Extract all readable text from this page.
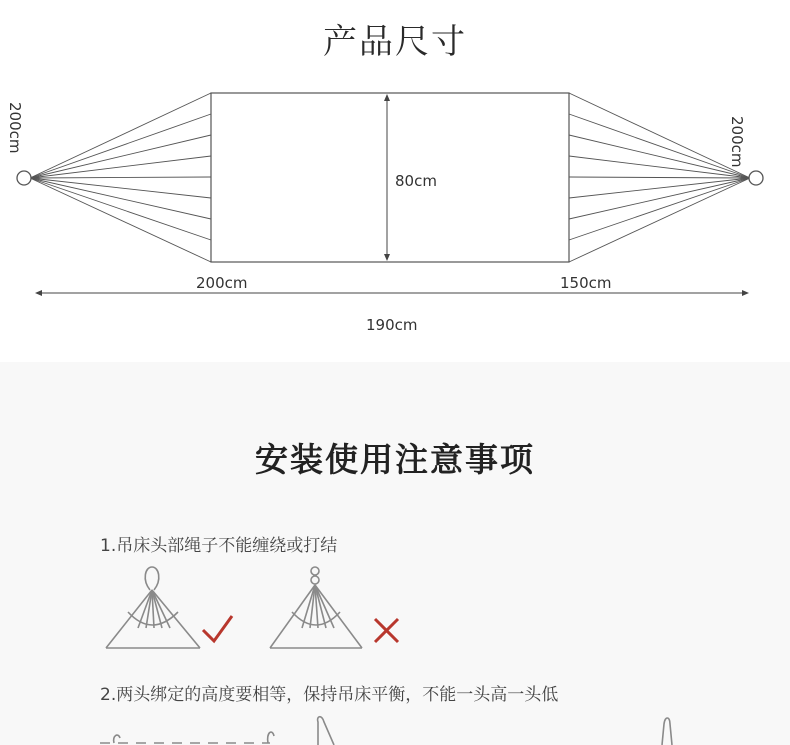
产品尺寸
200cm	200cm
80cm
200cm	150cm
190cm
安装使用注意事项
1.吊床头部绳子不能缠绕或打结
2.两头绑定的高度要相等，保持吊床平衡，不能一头高一头低
